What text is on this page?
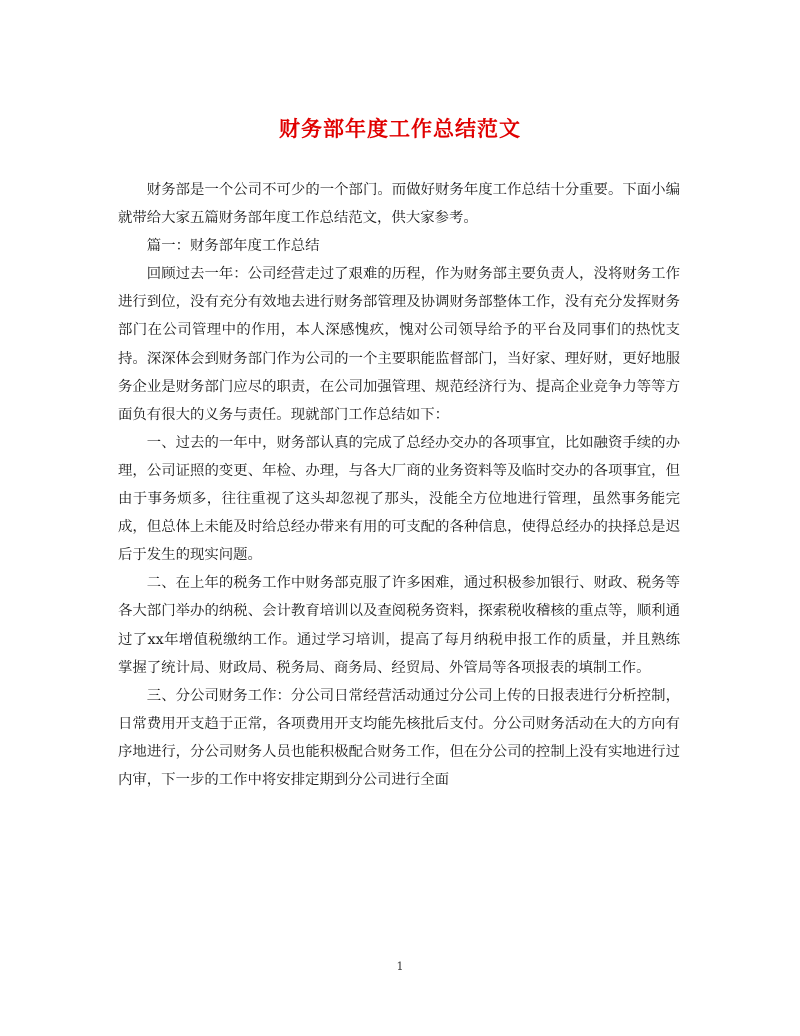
财务部年度工作总结范文

财务部是一个公司不可少的一个部门。而做好财务年度工作总结十分重要。下面小编就带给大家五篇财务部年度工作总结范文，供大家参考。

篇一：财务部年度工作总结

回顾过去一年：公司经营走过了艰难的历程，作为财务部主要负责人，没将财务工作进行到位，没有充分有效地去进行财务部管理及协调财务部整体工作，没有充分发挥财务部门在公司管理中的作用，本人深感愧疚，愧对公司领导给予的平台及同事们的热忱支持。深深体会到财务部门作为公司的一个主要职能监督部门，当好家、理好财，更好地服务企业是财务部门应尽的职责，在公司加强管理、规范经济行为、提高企业竞争力等等方面负有很大的义务与责任。现就部门工作总结如下：

一、过去的一年中，财务部认真的完成了总经办交办的各项事宜，比如融资手续的办理，公司证照的变更、年检、办理，与各大厂商的业务资料等及临时交办的各项事宜，但由于事务烦多，往往重视了这头却忽视了那头，没能全方位地进行管理，虽然事务能完成，但总体上未能及时给总经办带来有用的可支配的各种信息，使得总经办的抉择总是迟后于发生的现实问题。

二、在上年的税务工作中财务部克服了许多困难，通过积极参加银行、财政、税务等各大部门举办的纳税、会计教育培训以及查阅税务资料，探索税收稽核的重点等，顺利通过了xx年增值税缴纳工作。通过学习培训，提高了每月纳税申报工作的质量，并且熟练掌握了统计局、财政局、税务局、商务局、经贸局、外管局等各项报表的填制工作。

三、分公司财务工作：分公司日常经营活动通过分公司上传的日报表进行分析控制，日常费用开支趋于正常，各项费用开支均能先核批后支付。分公司财务活动在大的方向有序地进行，分公司财务人员也能积极配合财务工作，但在分公司的控制上没有实地进行过内审，下一步的工作中将安排定期到分公司进行全面

1
